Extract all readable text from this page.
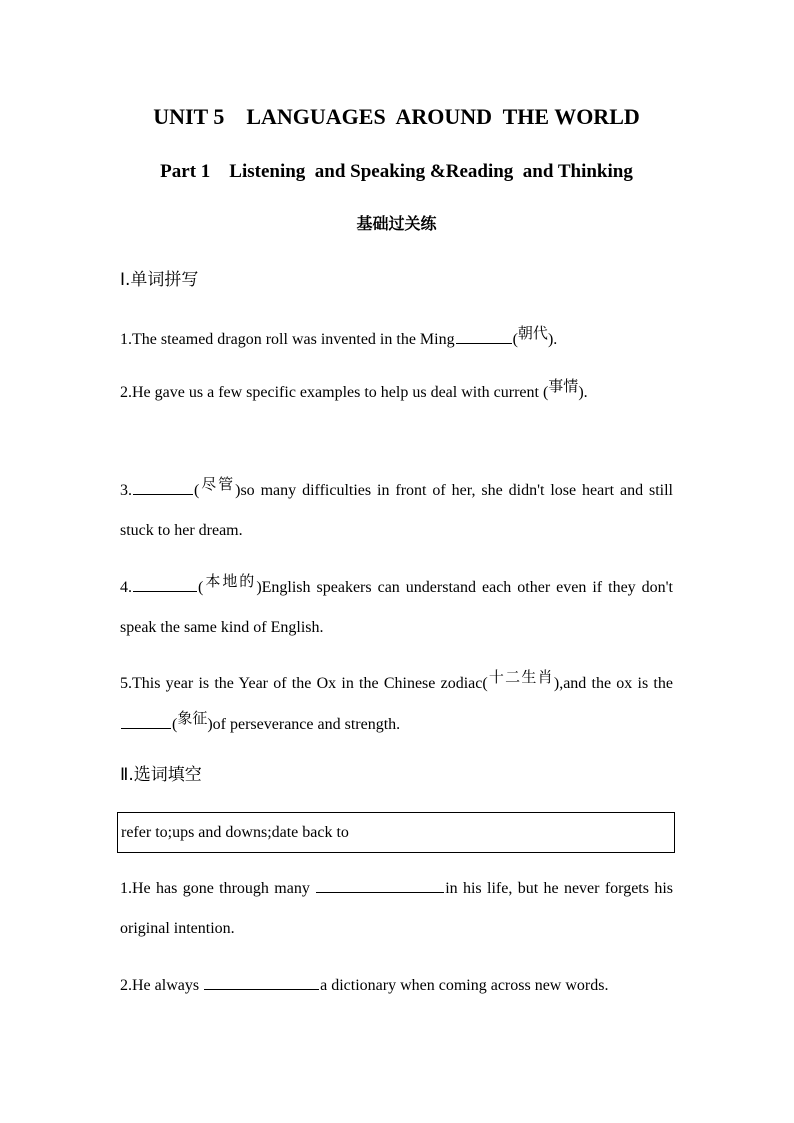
UNIT 5    LANGUAGES  AROUND  THE WORLD
Part 1    Listening  and Speaking &Reading  and Thinking
基础过关练
Ⅰ.单词拼写
1.The steamed dragon roll was invented in the Ming	(朝代).
2.He gave us a few specific examples to help us deal with current (事情).
3.	(尽管)so many difficulties in front of her, she didn't lose heart and still stuck to her dream.
4.	(本地的)English speakers can understand each other even if they don't speak the same kind of English.
5.This year is the Year of the Ox in the Chinese zodiac(十二生肖),and the ox is the(象征)of perseverance and strength.
Ⅱ.选词填空
refer to;ups and downs;date back to
1.He has gone through many	in his life, but he never forgets his original intention.
2.He always	a dictionary when coming across new words.
